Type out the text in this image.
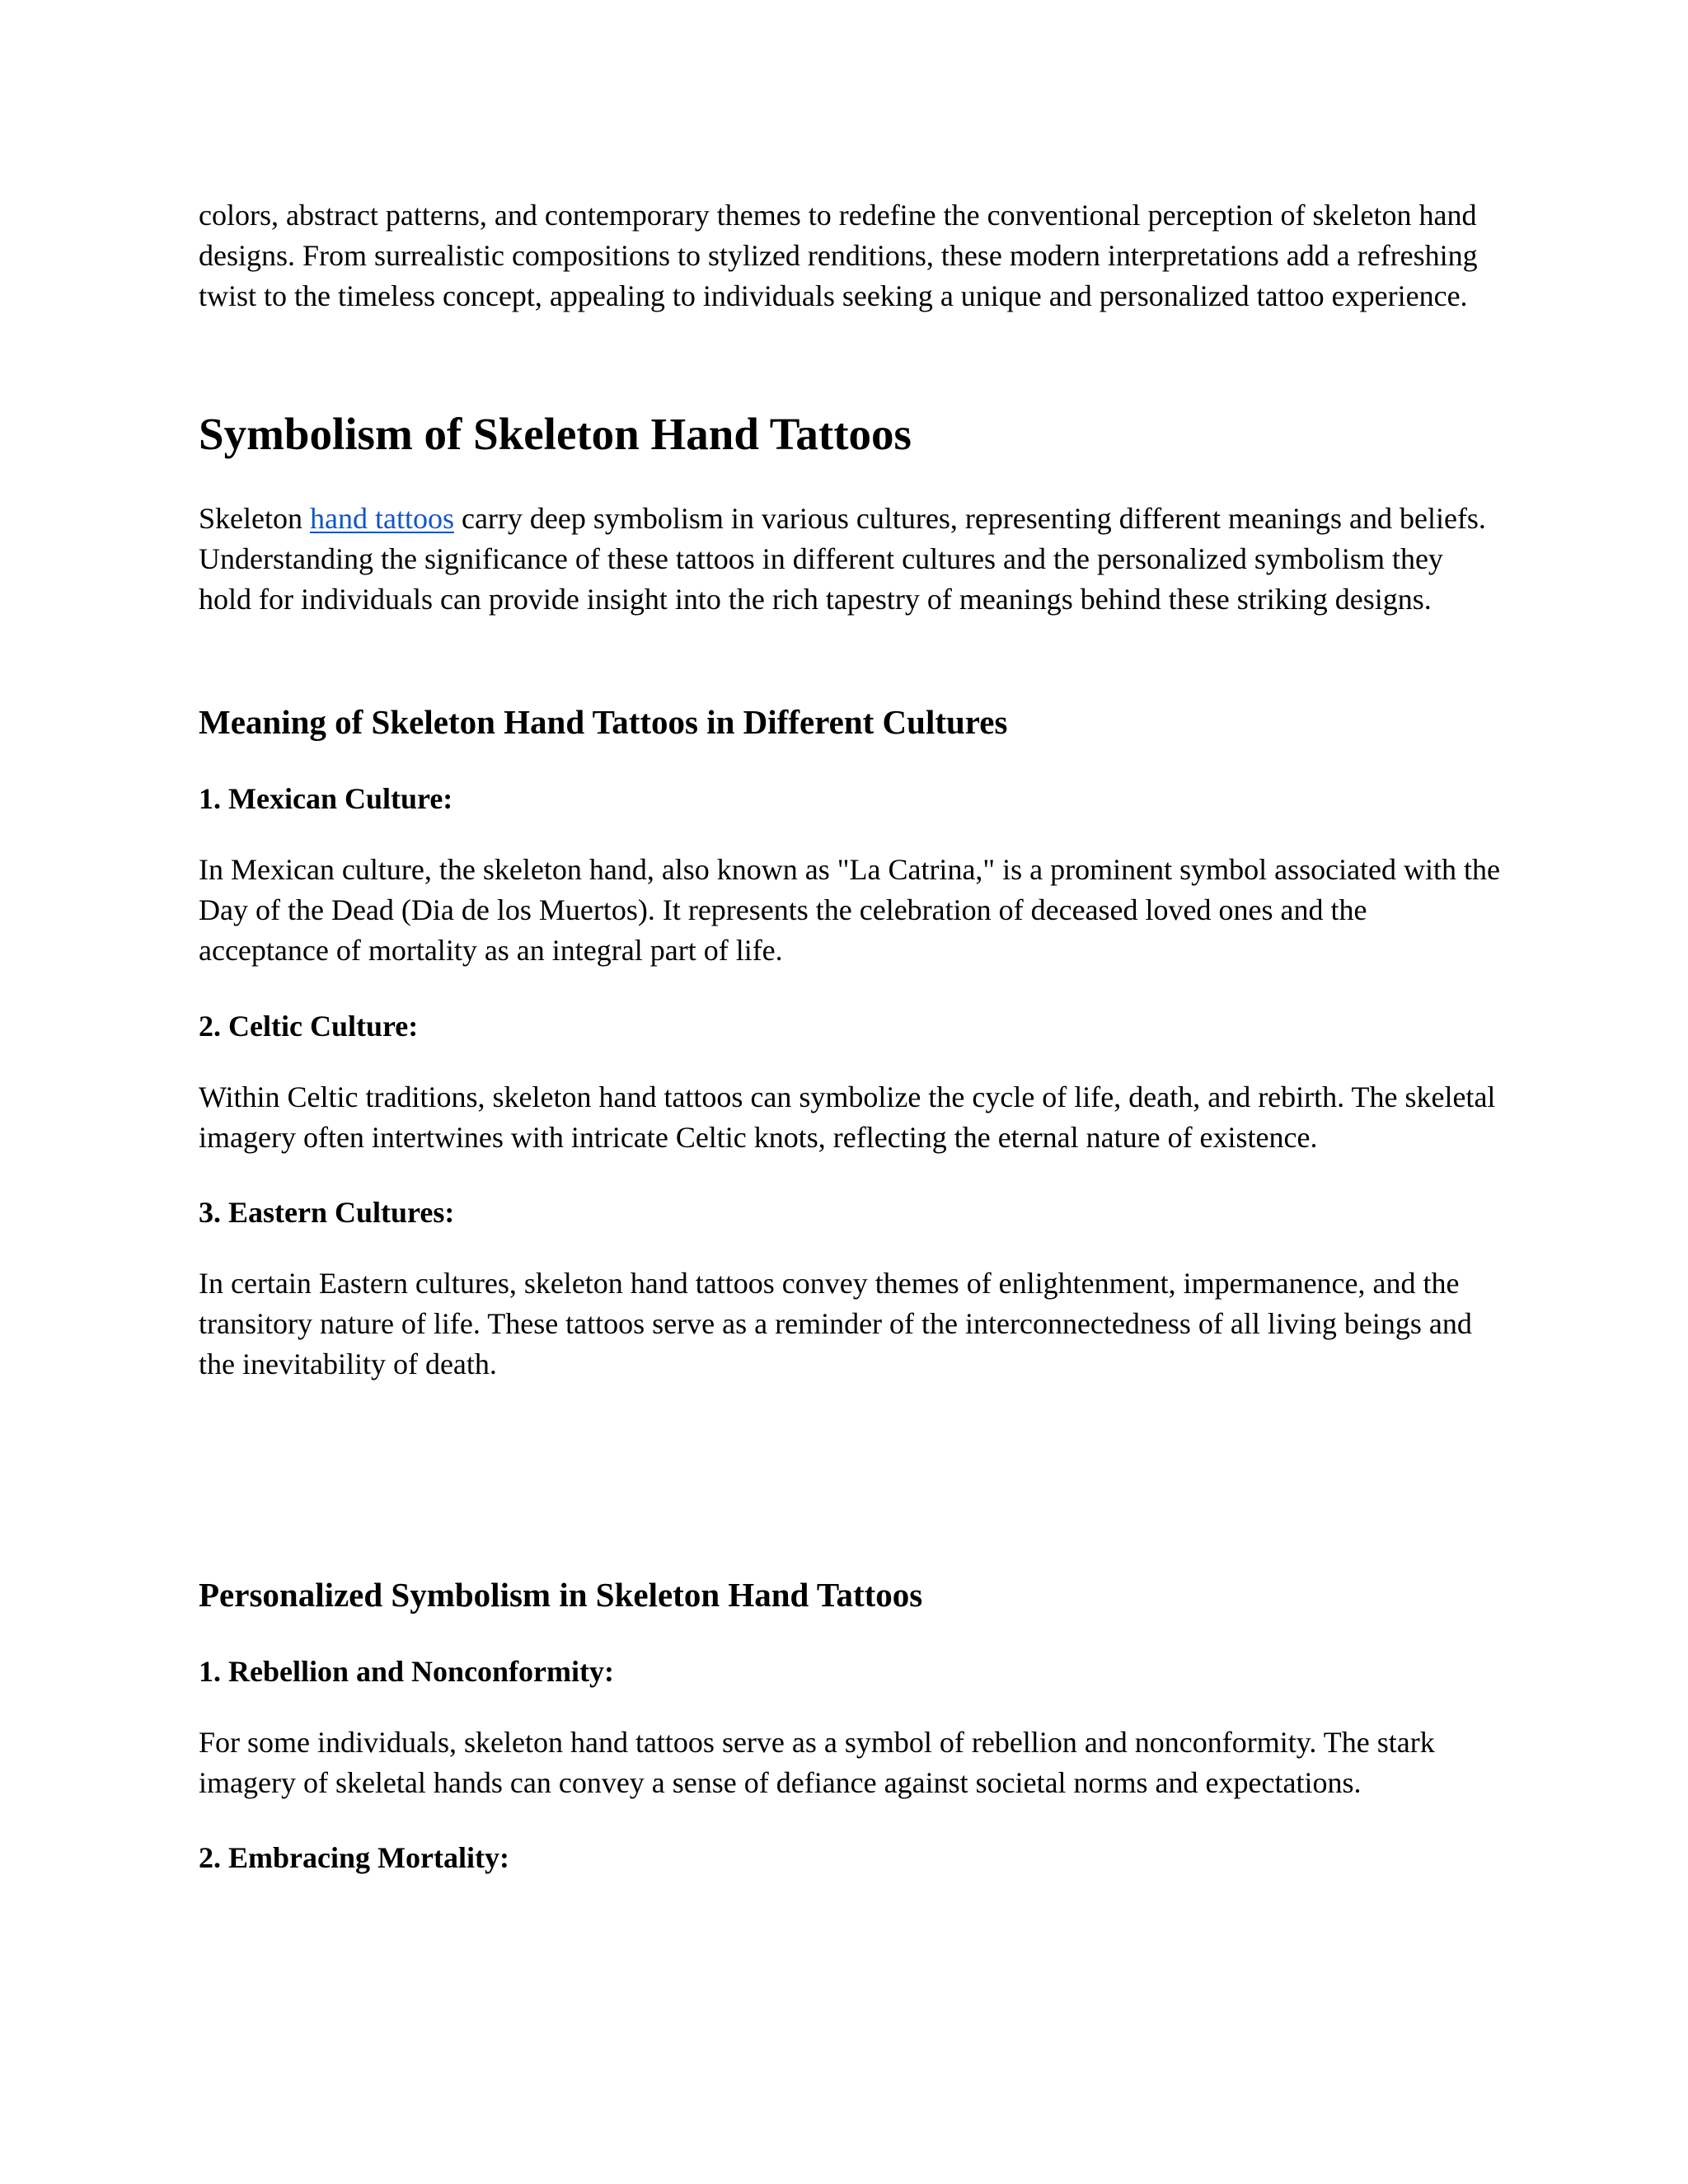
colors, abstract patterns, and contemporary themes to redefine the conventional perception of skeleton hand designs. From surrealistic compositions to stylized renditions, these modern interpretations add a refreshing twist to the timeless concept, appealing to individuals seeking a unique and personalized tattoo experience.

Symbolism of Skeleton Hand Tattoos

Skeleton hand tattoos carry deep symbolism in various cultures, representing different meanings and beliefs. Understanding the significance of these tattoos in different cultures and the personalized symbolism they hold for individuals can provide insight into the rich tapestry of meanings behind these striking designs.

Meaning of Skeleton Hand Tattoos in Different Cultures
1. Mexican Culture:

In Mexican culture, the skeleton hand, also known as "La Catrina," is a prominent symbol associated with the Day of the Dead (Dia de los Muertos). It represents the celebration of deceased loved ones and the acceptance of mortality as an integral part of life.

2. Celtic Culture:

Within Celtic traditions, skeleton hand tattoos can symbolize the cycle of life, death, and rebirth. The skeletal imagery often intertwines with intricate Celtic knots, reflecting the eternal nature of existence.

3. Eastern Cultures:

In certain Eastern cultures, skeleton hand tattoos convey themes of enlightenment, impermanence, and the transitory nature of life. These tattoos serve as a reminder of the interconnectedness of all living beings and the inevitability of death.

Personalized Symbolism in Skeleton Hand Tattoos
1. Rebellion and Nonconformity:

For some individuals, skeleton hand tattoos serve as a symbol of rebellion and nonconformity. The stark imagery of skeletal hands can convey a sense of defiance against societal norms and expectations.

2. Embracing Mortality:
